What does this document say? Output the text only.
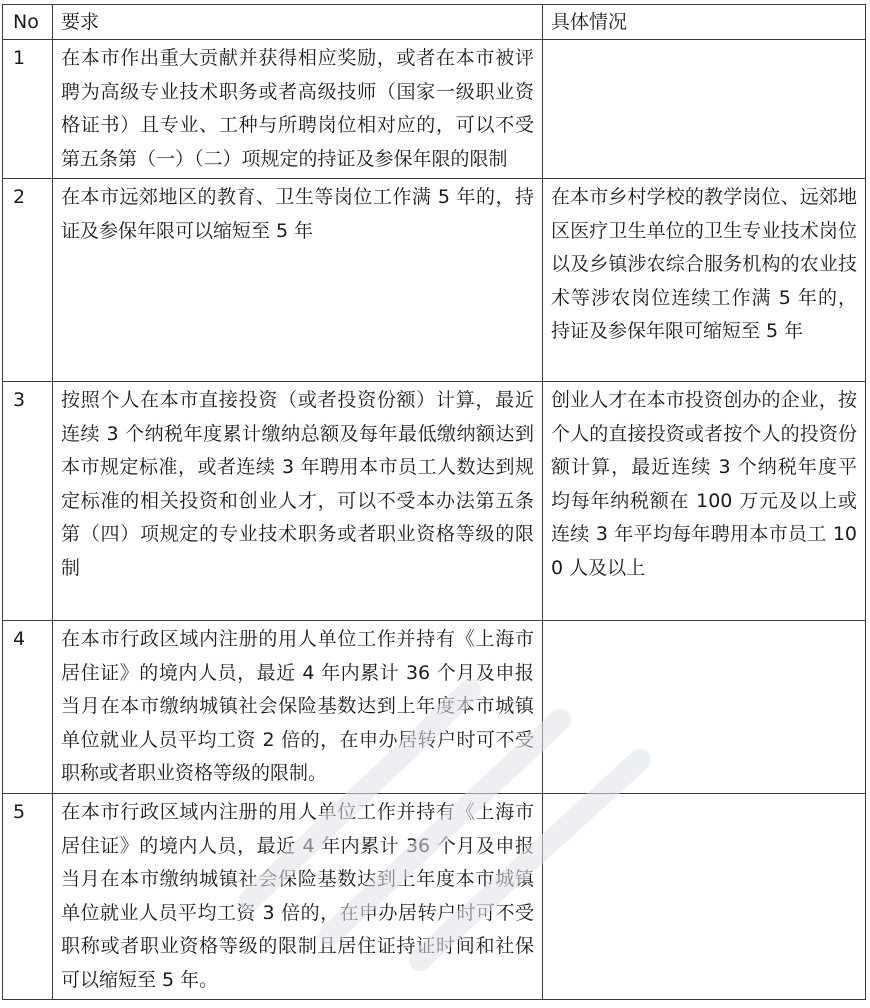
No	要求	具体情况
1	在本市作出重大贡献并获得相应奖励，或者在本市被评聘为高级专业技术职务或者高级技师（国家一级职业资格证书）且专业、工种与所聘岗位相对应的，可以不受第五条第（一）（二）项规定的持证及参保年限的限制	
2	在本市远郊地区的教育、卫生等岗位工作满 5 年的，持证及参保年限可以缩短至 5 年	在本市乡村学校的教学岗位、远郊地区医疗卫生单位的卫生专业技术岗位以及乡镇涉农综合服务机构的农业技术等涉农岗位连续工作满 5 年的，持证及参保年限可缩短至 5 年
3	按照个人在本市直接投资（或者投资份额）计算，最近连续 3 个纳税年度累计缴纳总额及每年最低缴纳额达到本市规定标准，或者连续 3 年聘用本市员工人数达到规定标准的相关投资和创业人才，可以不受本办法第五条第（四）项规定的专业技术职务或者职业资格等级的限制	创业人才在本市投资创办的企业，按个人的直接投资或者按个人的投资份额计算，最近连续 3 个纳税年度平均每年纳税额在 100 万元及以上或连续 3 年平均每年聘用本市员工 100 人及以上
4	在本市行政区域内注册的用人单位工作并持有《上海市居住证》的境内人员，最近 4 年内累计 36 个月及申报当月在本市缴纳城镇社会保险基数达到上年度本市城镇单位就业人员平均工资 2 倍的，在申办居转户时可不受职称或者职业资格等级的限制。	
5	在本市行政区域内注册的用人单位工作并持有《上海市居住证》的境内人员，最近 4 年内累计 36 个月及申报当月在本市缴纳城镇社会保险基数达到上年度本市城镇单位就业人员平均工资 3 倍的，在申办居转户时可不受职称或者职业资格等级的限制且居住证持证时间和社保可以缩短至 5 年。	
